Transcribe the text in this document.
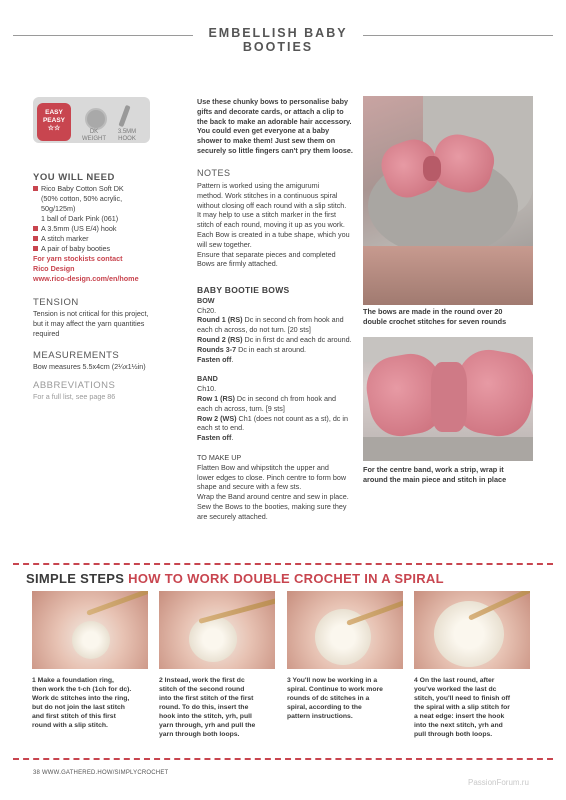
EMBELLISH BABY BOOTIES
EASY
PEASY
☆☆	DK
WEIGHT
3.5MM
HOOK
YOU WILL NEED
Rico Baby Cotton Soft DK
(50% cotton, 50% acrylic,
50g/125m)
1 ball of Dark Pink (061)
A 3.5mm (US E/4) hook
A stitch marker
A pair of baby booties
For yarn stockists contact
Rico Design
www.rico-design.com/en/home
TENSION
Tension is not critical for this project,
but it may affect the yarn quantities
required
MEASUREMENTS
Bow measures 5.5x4cm (2¼x1½in)
ABBREVIATIONS
For a full list, see page 86
Use these chunky bows to personalise baby
gifts and decorate cards, or attach a clip to
the back to make an adorable hair accessory.
You could even get everyone at a baby
shower to make them! Just sew them on
securely so little fingers can't pry them loose.
NOTES
Pattern is worked using the amigurumi
method. Work stitches in a continuous spiral
without closing off each round with a slip stitch.
It may help to use a stitch marker in the first
stitch of each round, moving it up as you work.
Each Bow is created in a tube shape, which you
will sew together.
Ensure that separate pieces and completed
Bows are firmly attached.
BABY BOOTIE BOWS
BOW
Ch20.
Round 1 (RS) Dc in second ch from hook and
each ch across, do not turn. [20 sts]
Round 2 (RS) Dc in first dc and each dc around.
Rounds 3-7 Dc in each st around.
Fasten off.
BAND
Ch10.
Row 1 (RS) Dc in second ch from hook and
each ch across, turn. [9 sts]
Row 2 (WS) Ch1 (does not count as a st), dc in
each st to end.
Fasten off.
TO MAKE UP
Flatten Bow and whipstitch the upper and
lower edges to close. Pinch centre to form bow
shape and secure with a few sts.
Wrap the Band around centre and sew in place.
Sew the Bows to the booties, making sure they
are securely attached.
The bows are made in the round over 20
double crochet stitches for seven rounds
For the centre band, work a strip, wrap it
around the main piece and stitch in place
SIMPLE STEPS HOW TO WORK DOUBLE CROCHET IN A SPIRAL
1 Make a foundation ring,
then work the t-ch (1ch for dc).
Work dc stitches into the ring,
but do not join the last stitch
and first stitch of this first
round with a slip stitch.
2 Instead, work the first dc
stitch of the second round
into the first stitch of the first
round. To do this, insert the
hook into the stitch, yrh, pull
yarn through, yrh and pull the
yarn through both loops.
3 You'll now be working in a
spiral. Continue to work more
rounds of dc stitches in a
spiral, according to the
pattern instructions.
4 On the last round, after
you've worked the last dc
stitch, you'll need to finish off
the spiral with a slip stitch for
a neat edge: insert the hook
into the next stitch, yrh and
pull through both loops.
38 WWW.GATHERED.HOW/SIMPLYCROCHET
PassionForum.ru
